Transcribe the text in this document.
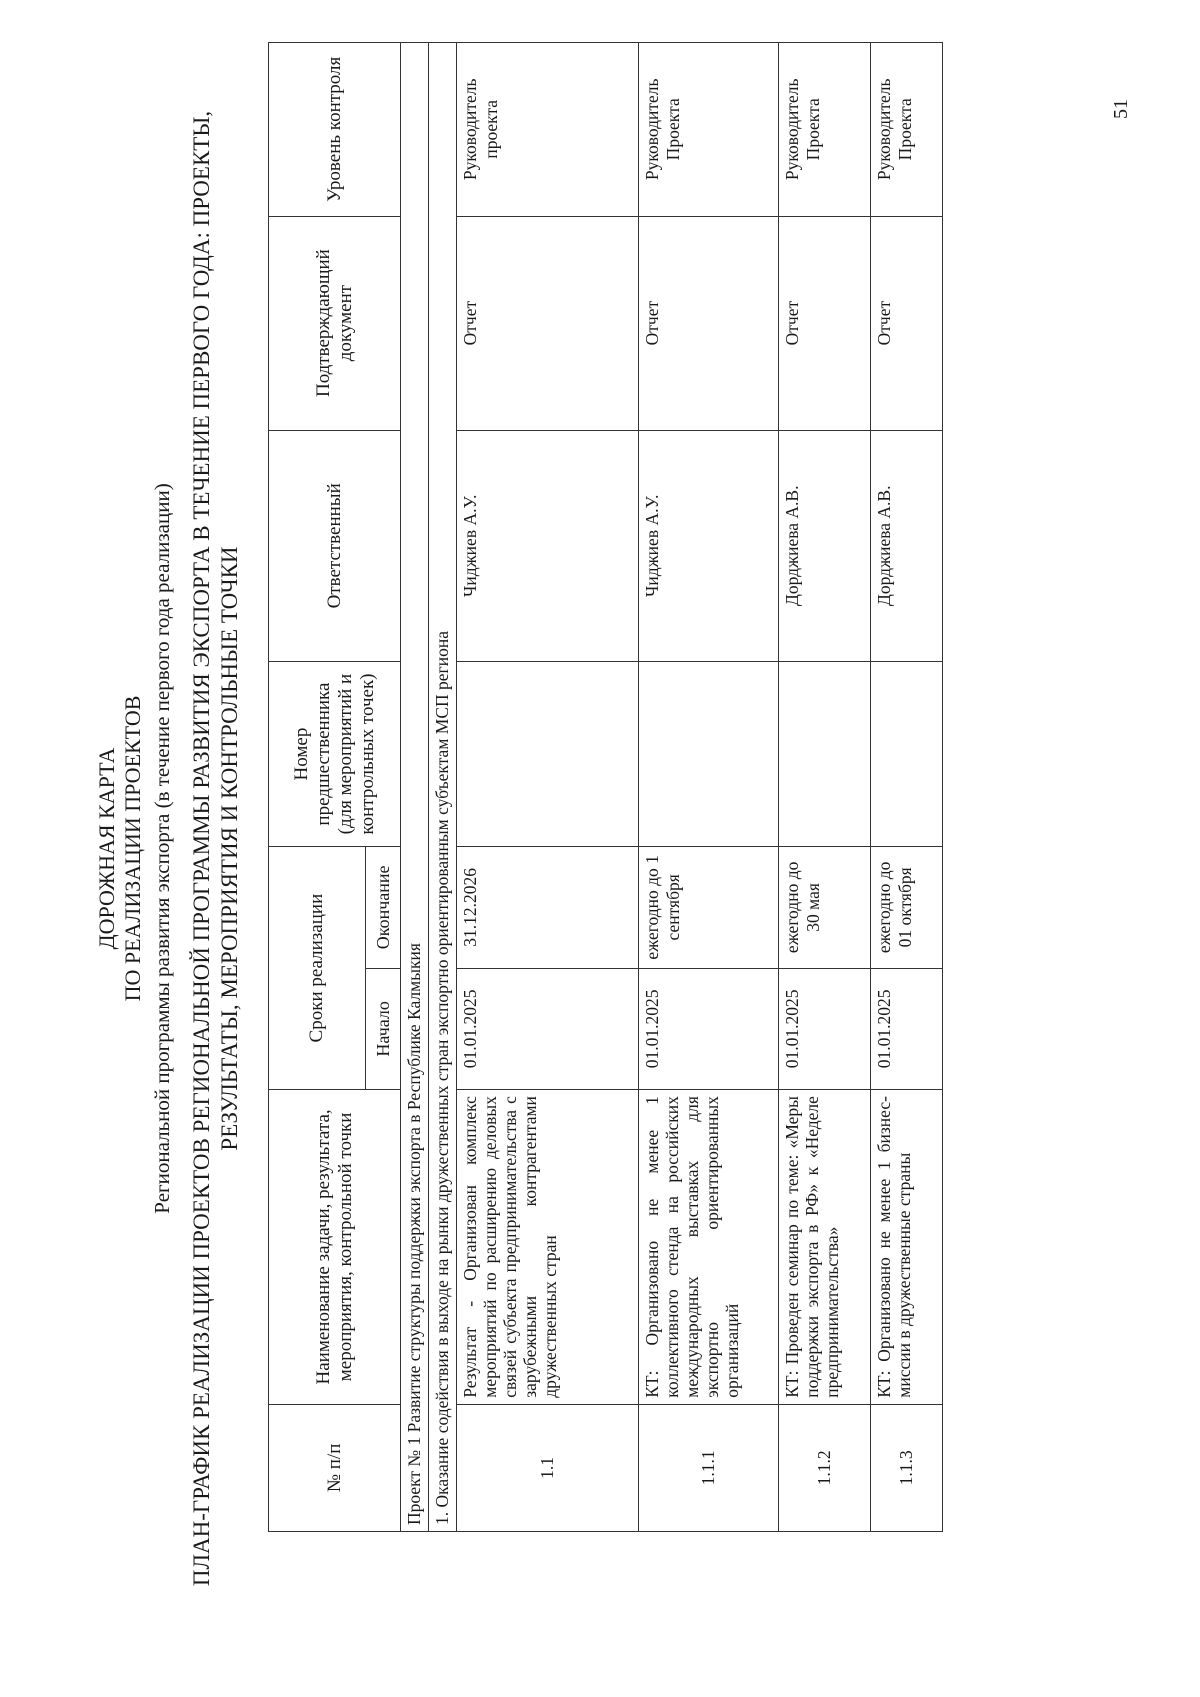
ДОРОЖНАЯ КАРТА ПО РЕАЛИЗАЦИИ ПРОЕКТОВ Региональной программы развития экспорта (в течение первого года реализации) ПЛАН-ГРАФИК РЕАЛИЗАЦИИ ПРОЕКТОВ РЕГИОНАЛЬНОЙ ПРОГРАММЫ РАЗВИТИЯ ЭКСПОРТА В ТЕЧЕНИЕ ПЕРВОГО ГОДА: ПРОЕКТЫ, РЕЗУЛЬТАТЫ, МЕРОПРИЯТИЯ И КОНТРОЛЬНЫЕ ТОЧКИ
№ п/п	Наименование задачи, результата, мероприятия, контрольной точки	Сроки реализации		Номер предшественника (для мероприятий и контрольных точек)	Ответственный	Подтверждающий документ	Уровень контроля
		Начало	Окончание				
Проект № 1 Развитие структуры поддержки экспорта в Республике Калмыкия							
1. Оказание содействия в выходе на рынки дружественных стран экспортно ориентированным субъектам МСП региона							
1.1	Результат - Организован комплекс мероприятий по расширению деловых связей субъекта предпринимательства с зарубежными контрагентами дружественных стран	01.01.2025	31.12.2026		Чиджиев А.У.	Отчет	Руководитель проекта
1.1.1	КТ: Организовано не менее 1 коллективного стенда на российских международных выставках для экспортно ориентированных организаций	01.01.2025	ежегодно до 1 сентября		Чиджиев А.У.	Отчет	Руководитель Проекта
1.1.2	КТ: Проведен семинар по теме: «Меры поддержки экспорта в РФ» к «Неделе предпринимательства»	01.01.2025	ежегодно до 30 мая		Дорджиева А.В.	Отчет	Руководитель Проекта
1.1.3	КТ: Организовано не менее 1 бизнес-миссии в дружественные страны	01.01.2025	ежегодно до 01 октября		Дорджиева А.В.	Отчет	Руководитель Проекта	51
